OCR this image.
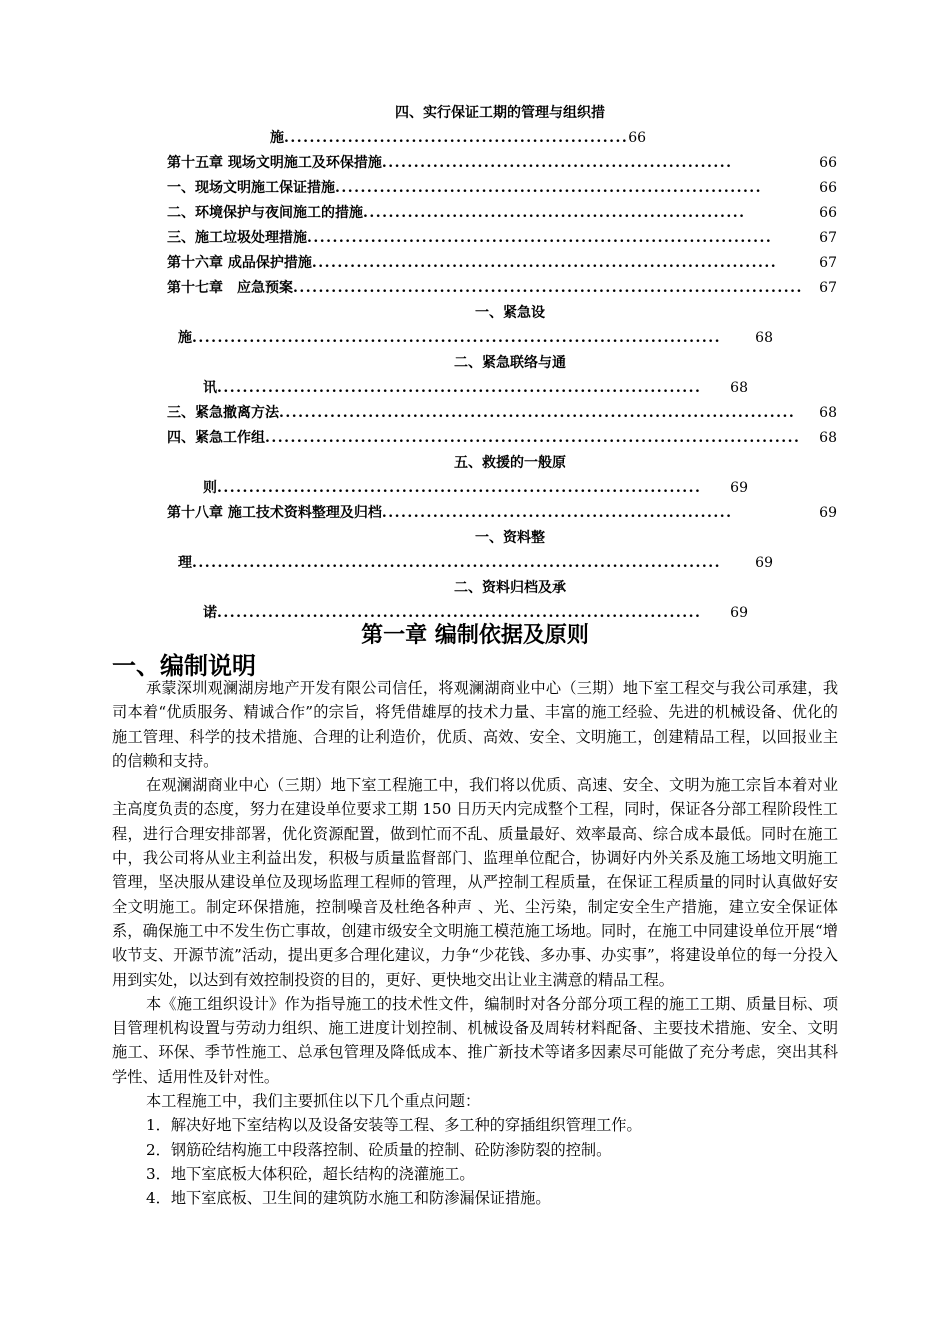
四、实行保证工期的管理与组织措
施......................................................66
第十五章 现场文明施工及环保措施.......................................................	66
一、现场文明施工保证措施...................................................................	66
二、环境保护与夜间施工的措施............................................................	66
三、施工垃圾处理措施.........................................................................	67
第十六章 成品保护措施.........................................................................	67
第十七章　应急预案................................................................................ 67
一、紧急设
施................................................................................... 68
二、紧急联络与通
讯............................................................................ 68
三、紧急撤离方法................................................................................. 68
四、紧急工作组.................................................................................... 68
五、救援的一般原
则............................................................................ 69
第十八章 施工技术资料整理及归档.......................................................	69
一、资料整
理................................................................................... 69
二、资料归档及承
诺............................................................................ 69
第一章 编制依据及原则
一、编制说明

承蒙深圳观澜湖房地产开发有限公司信任，将观澜湖商业中心（三期）地下室工程交与我公司承建，我司本着“优质服务、精诚合作”的宗旨，将凭借雄厚的技术力量、丰富的施工经验、先进的机械设备、优化的施工管理、科学的技术措施、合理的让利造价，优质、高效、安全、文明施工，创建精品工程，以回报业主的信赖和支持。

在观澜湖商业中心（三期）地下室工程施工中，我们将以优质、高速、安全、文明为施工宗旨本着对业主高度负责的态度，努力在建设单位要求工期 150 日历天内完成整个工程，同时，保证各分部工程阶段性工程，进行合理安排部署，优化资源配置，做到忙而不乱、质量最好、效率最高、综合成本最低。同时在施工中，我公司将从业主利益出发，积极与质量监督部门、监理单位配合，协调好内外关系及施工场地文明施工管理，坚决服从建设单位及现场监理工程师的管理，从严控制工程质量，在保证工程质量的同时认真做好安全文明施工。制定环保措施，控制噪音及杜绝各种声 、光、尘污染，制定安全生产措施，建立安全保证体系，确保施工中不发生伤亡事故，创建市级安全文明施工模范施工场地。同时，在施工中同建设单位开展“增收节支、开源节流”活动，提出更多合理化建议，力争“少花钱、多办事、办实事”，将建设单位的每一分投入用到实处，以达到有效控制投资的目的，更好、更快地交出让业主满意的精品工程。

本《施工组织设计》作为指导施工的技术性文件，编制时对各分部分项工程的施工工期、质量目标、项目管理机构设置与劳动力组织、施工进度计划控制、机械设备及周转材料配备、主要技术措施、安全、文明施工、环保、季节性施工、总承包管理及降低成本、推广新技术等诸多因素尽可能做了充分考虑，突出其科学性、适用性及针对性。

本工程施工中，我们主要抓住以下几个重点问题：

1．解决好地下室结构以及设备安装等工程、多工种的穿插组织管理工作。

2．钢筋砼结构施工中段落控制、砼质量的控制、砼防渗防裂的控制。

3．地下室底板大体积砼，超长结构的浇灌施工。

4．地下室底板、卫生间的建筑防水施工和防渗漏保证措施。
